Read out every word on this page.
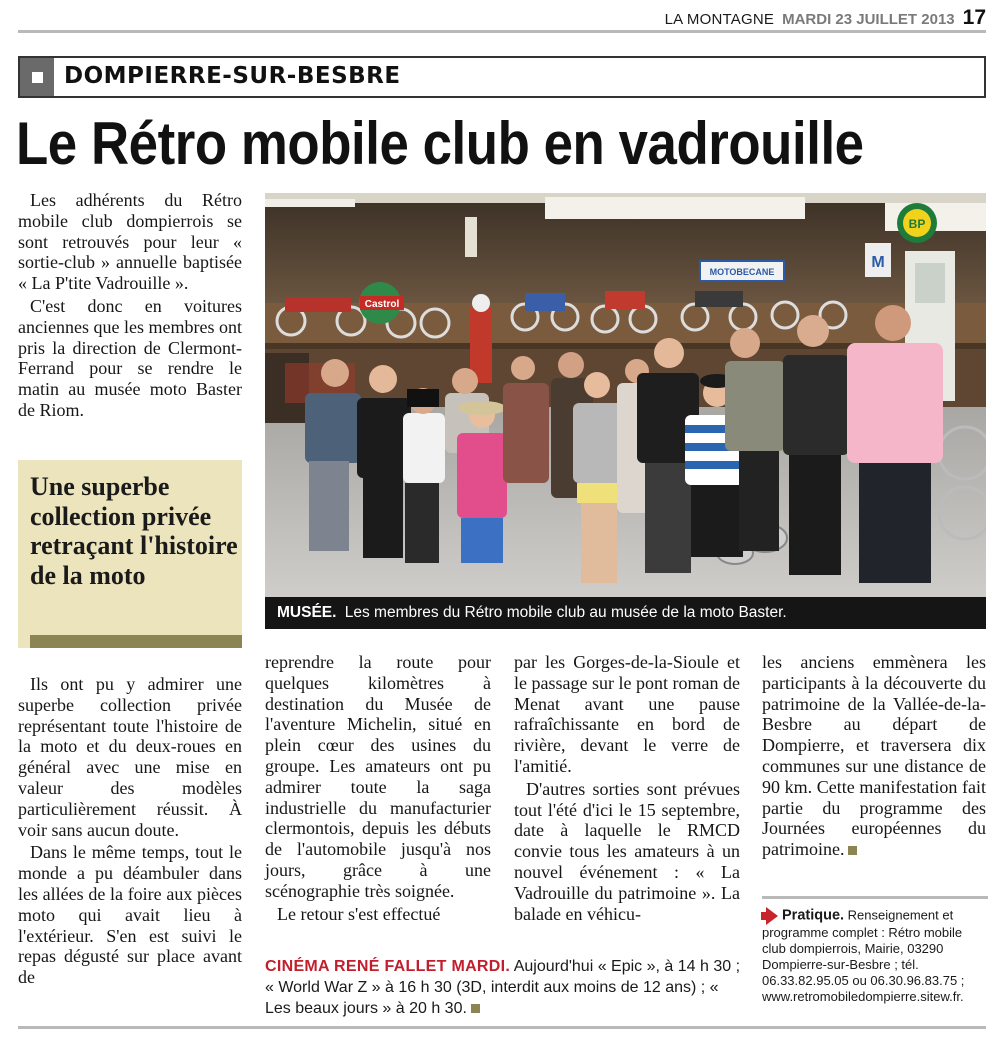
LA MONTAGNE MARDI 23 JUILLET 2013 17
DOMPIERRE-SUR-BESBRE
Le Rétro mobile club en vadrouille

Les adhérents du Rétro mobile club dompierrois se sont retrouvés pour leur « sortie-club » annuelle baptisée « La P'tite Vadrouille ».

C'est donc en voitures anciennes que les membres ont pris la direction de Clermont-Ferrand pour se rendre le matin au musée moto Baster de Riom.

Une superbe collection privée retraçant l'histoire de la moto
Castrol
MOTOBECANE
M
BP
MUSÉE. Les membres du Rétro mobile club au musée de la moto Baster.

Ils ont pu y admirer une superbe collection privée représentant toute l'histoire de la moto et du deux-roues en général avec une mise en valeur des modèles particulièrement réussit. À voir sans aucun doute.

Dans le même temps, tout le monde a pu déambuler dans les allées de la foire aux pièces moto qui avait lieu à l'extérieur. S'en est suivi le repas dégusté sur place avant de

reprendre la route pour quelques kilomètres à destination du Musée de l'aventure Michelin, situé en plein cœur des usines du groupe. Les amateurs ont pu admirer toute la saga industrielle du manufacturier clermontois, depuis les débuts de l'automobile jusqu'à nos jours, grâce à une scénographie très soignée.

Le retour s'est effectué

par les Gorges-de-la-Sioule et le passage sur le pont roman de Menat avant une pause rafraîchissante en bord de rivière, devant le verre de l'amitié.

D'autres sorties sont prévues tout l'été d'ici le 15 septembre, date à laquelle le RMCD convie tous les amateurs à un nouvel événement : « La Vadrouille du patrimoine ». La balade en véhicu-

les anciens emmènera les participants à la découverte du patrimoine de la Vallée-de-la-Besbre au départ de Dompierre, et traversera dix communes sur une distance de 90 km. Cette manifestation fait partie du programme des Journées européennes du patrimoine.

Pratique. Renseignement et programme complet : Rétro mobile club dompierrois, Mairie, 03290 Dompierre-sur-Besbre ; tél. 06.33.82.95.05 ou 06.30.96.83.75 ; www.retromobiledompierre.sitew.fr.
CINÉMA RENÉ FALLET MARDI. Aujourd'hui « Epic », à 14 h 30 ; « World War Z » à 16 h 30 (3D, interdit aux moins de 12 ans) ; « Les beaux jours » à 20 h 30.
